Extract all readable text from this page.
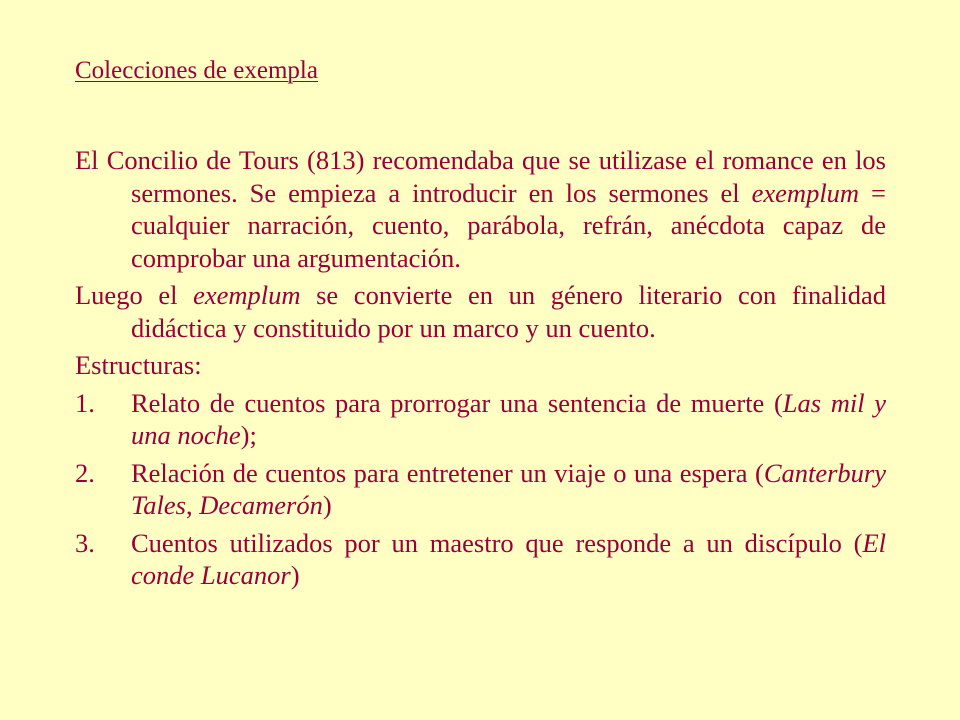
Colecciones de exempla

El Concilio de Tours (813) recomendaba que se utilizase el romance en los sermones. Se empieza a introducir en los sermones el exemplum = cualquier narración, cuento, parábola, refrán, anécdota capaz de comprobar una argumentación.

Luego el exemplum se convierte en un género literario con finalidad didáctica y constituido por un marco y un cuento.

Estructuras:

1. Relato de cuentos para prorrogar una sentencia de muerte (Las mil y una noche);
2. Relación de cuentos para entretener un viaje o una espera (Canterbury Tales, Decamerón)
3. Cuentos utilizados por un maestro que responde a un discípulo (El conde Lucanor)
